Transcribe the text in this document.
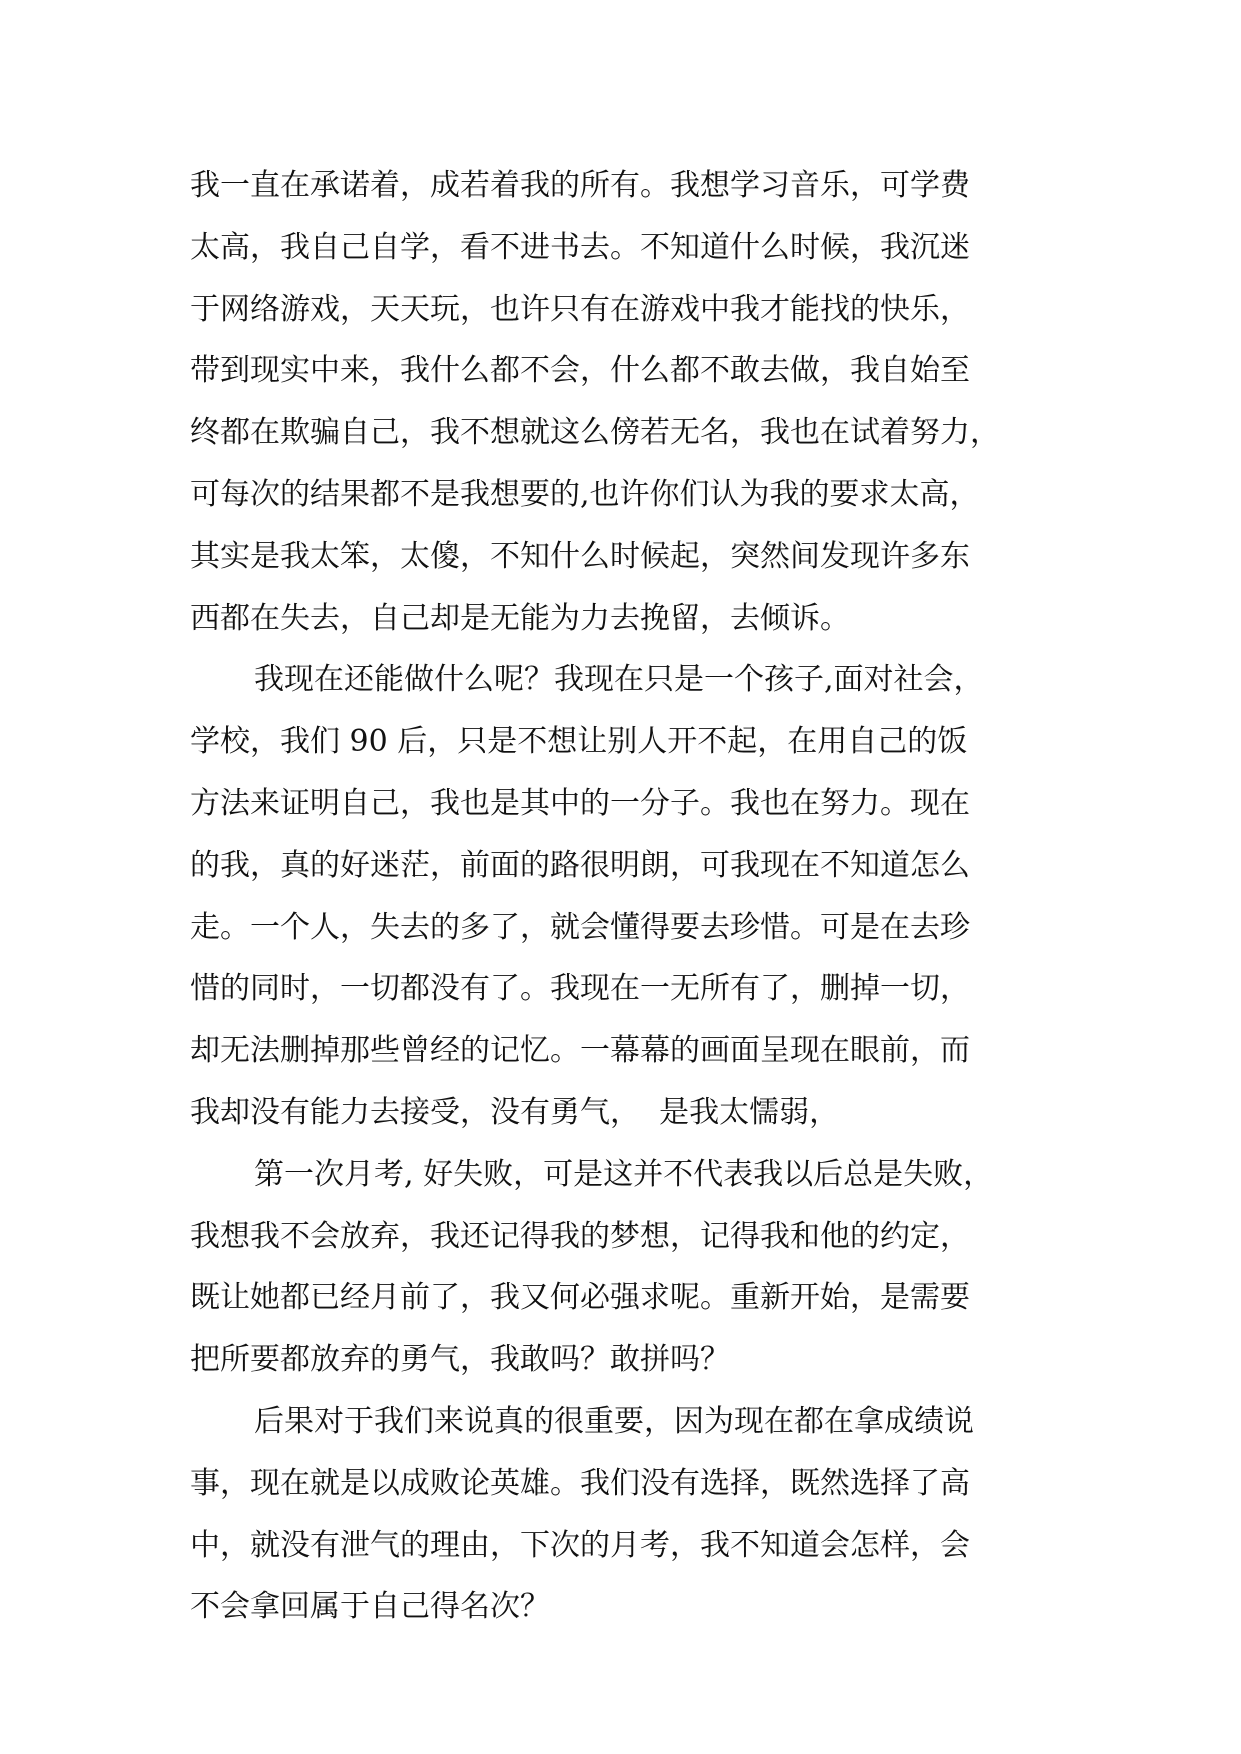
我一直在承诺着，成若着我的所有。我想学习音乐，可学费
太高，我自己自学，看不进书去。不知道什么时候，我沉迷
于网络游戏，天天玩，也许只有在游戏中我才能找的快乐，
带到现实中来，我什么都不会，什么都不敢去做，我自始至
终都在欺骗自己，我不想就这么傍若无名，我也在试着努力，
可每次的结果都不是我想要的,也许你们认为我的要求太高，
其实是我太笨，太傻，不知什么时候起，突然间发现许多东
西都在失去，自己却是无能为力去挽留，去倾诉。
我现在还能做什么呢？我现在只是一个孩子,面对社会，
学校，我们 90 后，只是不想让别人开不起，在用自己的饭
方法来证明自己，我也是其中的一分子。我也在努力。现在
的我，真的好迷茫，前面的路很明朗，可我现在不知道怎么
走。一个人，失去的多了，就会懂得要去珍惜。可是在去珍
惜的同时，一切都没有了。我现在一无所有了，删掉一切，
却无法删掉那些曾经的记忆。一幕幕的画面呈现在眼前，而
我却没有能力去接受，没有勇气，  是我太懦弱，
第一次月考, 好失败，可是这并不代表我以后总是失败，
我想我不会放弃，我还记得我的梦想，记得我和他的约定，
既让她都已经月前了，我又何必强求呢。重新开始，是需要
把所要都放弃的勇气，我敢吗？敢拼吗？
后果对于我们来说真的很重要，因为现在都在拿成绩说
事，现在就是以成败论英雄。我们没有选择，既然选择了高
中，就没有泄气的理由，下次的月考，我不知道会怎样，会
不会拿回属于自己得名次？
